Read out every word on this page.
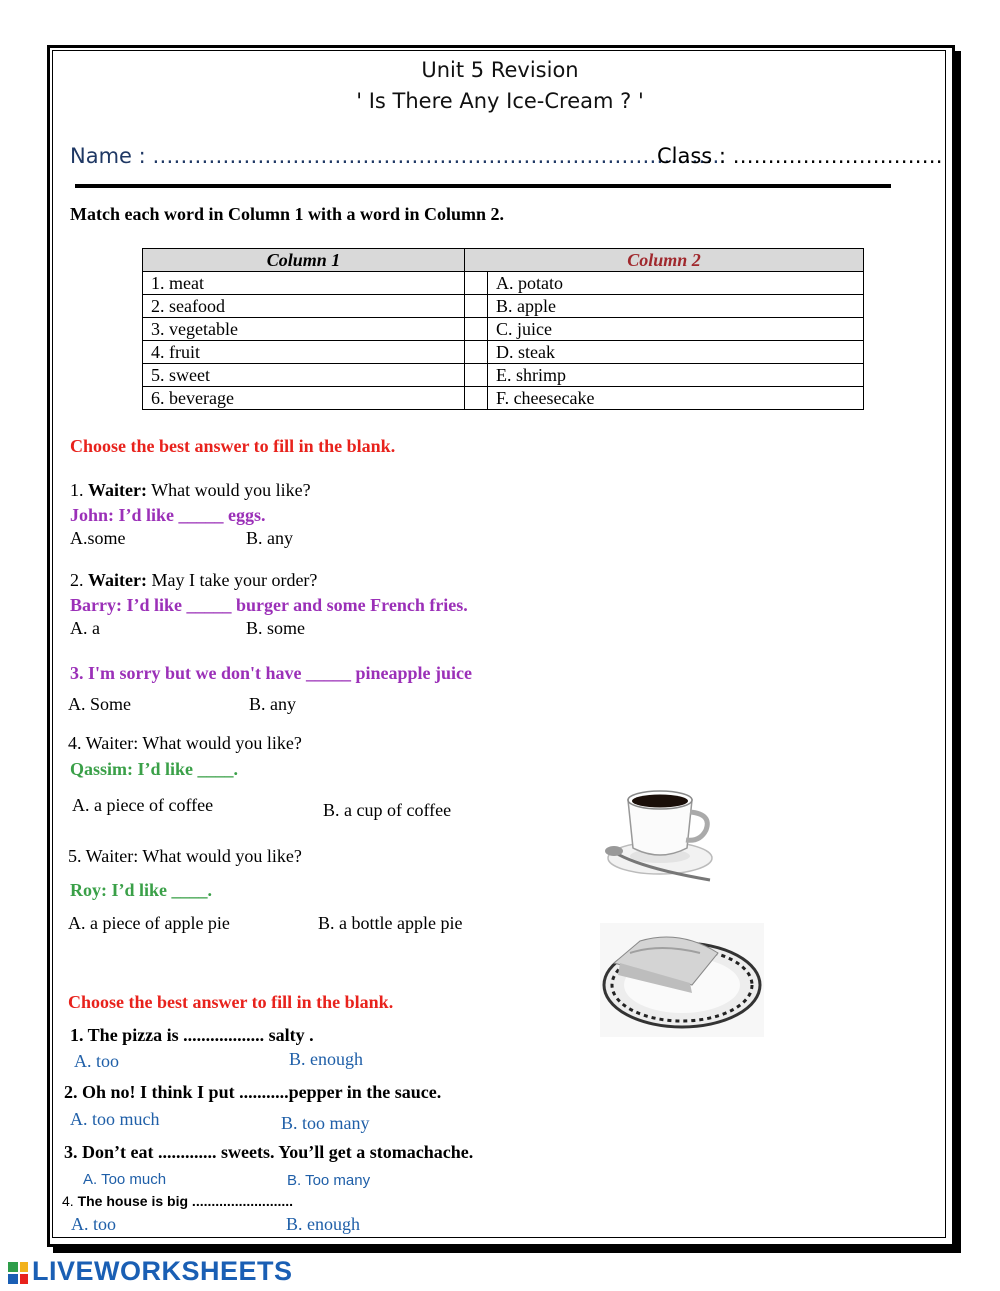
Unit 5 Revision
' Is There Any Ice-Cream ? '
Name : ……………………………………………………………………….
Class : …………………………
Match each word in Column 1 with a word in Column 2.
Column 1	Column 2	
1. meat		A. potato
2. seafood		B. apple
3. vegetable		C. juice
4. fruit		D. steak
5. sweet		E. shrimp
6. beverage		F. cheesecake
Choose the best answer to fill in the blank.
1. Waiter: What would you like?
John: I’d like _____ eggs.
A.some	B. any
2. Waiter: May I take your order?
Barry: I’d like _____ burger and some French fries.
A. a	B. some
3. I'm sorry but we don't have _____ pineapple juice
A. Some	B. any
4. Waiter: What would you like?
Qassim: I’d like ____.
A. a piece of coffee	B. a cup of coffee
5. Waiter: What would you like?
Roy: I’d like ____.
A. a piece of apple pie	B. a bottle apple pie
Choose the best answer to fill in the blank.
1. The pizza is .................. salty .
A. too	B. enough
2. Oh no! I think I put ...........pepper in the sauce.
A. too much	B. too many
3. Don’t eat ............. sweets. You’ll get a stomachache.
A. Too much	B. Too many
4. The house is big ..........................
A. too	B. enough
LIVEWORKSHEETS
